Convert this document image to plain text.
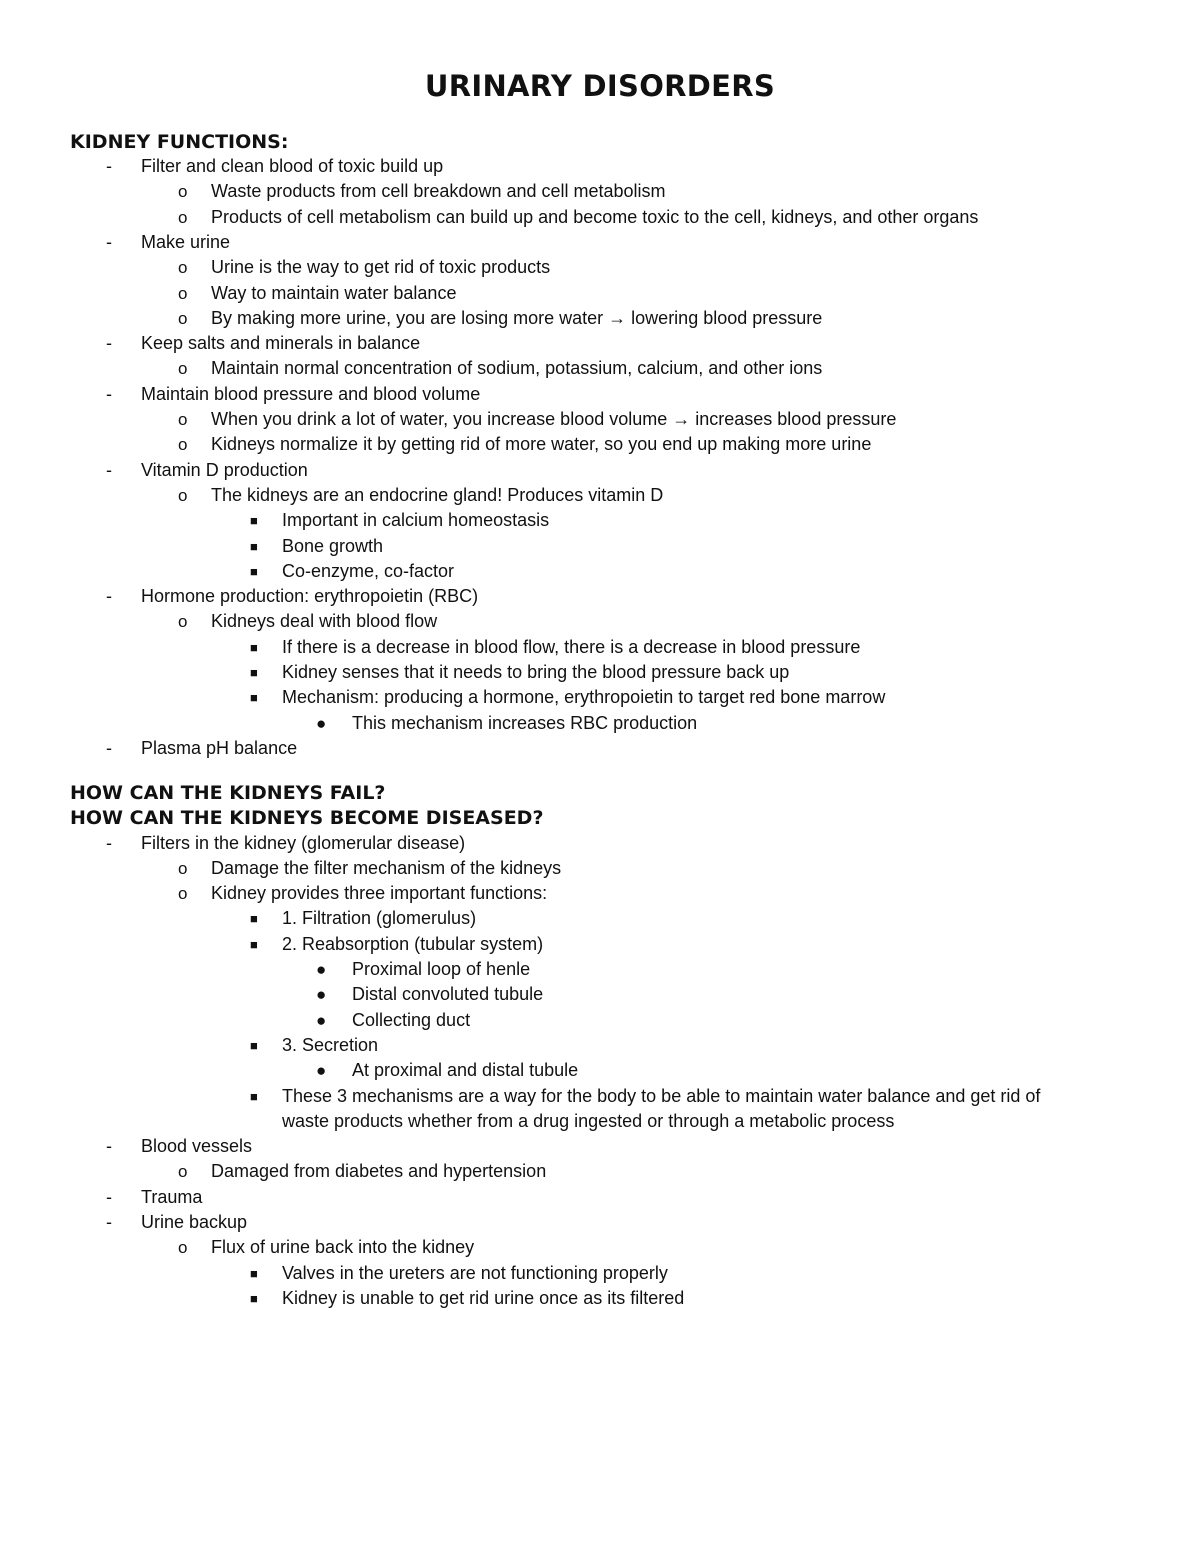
URINARY DISORDERS
KIDNEY FUNCTIONS:
- Filter and clean blood of toxic build up
o Waste products from cell breakdown and cell metabolism
o Products of cell metabolism can build up and become toxic to the cell, kidneys, and other organs
- Make urine
o Urine is the way to get rid of toxic products
o Way to maintain water balance
o By making more urine, you are losing more water → lowering blood pressure
- Keep salts and minerals in balance
o Maintain normal concentration of sodium, potassium, calcium, and other ions
- Maintain blood pressure and blood volume
o When you drink a lot of water, you increase blood volume → increases blood pressure
o Kidneys normalize it by getting rid of more water, so you end up making more urine
- Vitamin D production
o The kidneys are an endocrine gland! Produces vitamin D
■ Important in calcium homeostasis
■ Bone growth
■ Co-enzyme, co-factor
- Hormone production: erythropoietin (RBC)
o Kidneys deal with blood flow
■ If there is a decrease in blood flow, there is a decrease in blood pressure
■ Kidney senses that it needs to bring the blood pressure back up
■ Mechanism: producing a hormone, erythropoietin to target red bone marrow
● This mechanism increases RBC production
- Plasma pH balance
HOW CAN THE KIDNEYS FAIL?
HOW CAN THE KIDNEYS BECOME DISEASED?
- Filters in the kidney (glomerular disease)
o Damage the filter mechanism of the kidneys
o Kidney provides three important functions:
■ 1. Filtration (glomerulus)
■ 2. Reabsorption (tubular system)
● Proximal loop of henle
● Distal convoluted tubule
● Collecting duct
■ 3. Secretion
● At proximal and distal tubule
■ These 3 mechanisms are a way for the body to be able to maintain water balance and get rid of waste products whether from a drug ingested or through a metabolic process
- Blood vessels
o Damaged from diabetes and hypertension
- Trauma
- Urine backup
o Flux of urine back into the kidney
■ Valves in the ureters are not functioning properly
■ Kidney is unable to get rid urine once as its filtered
